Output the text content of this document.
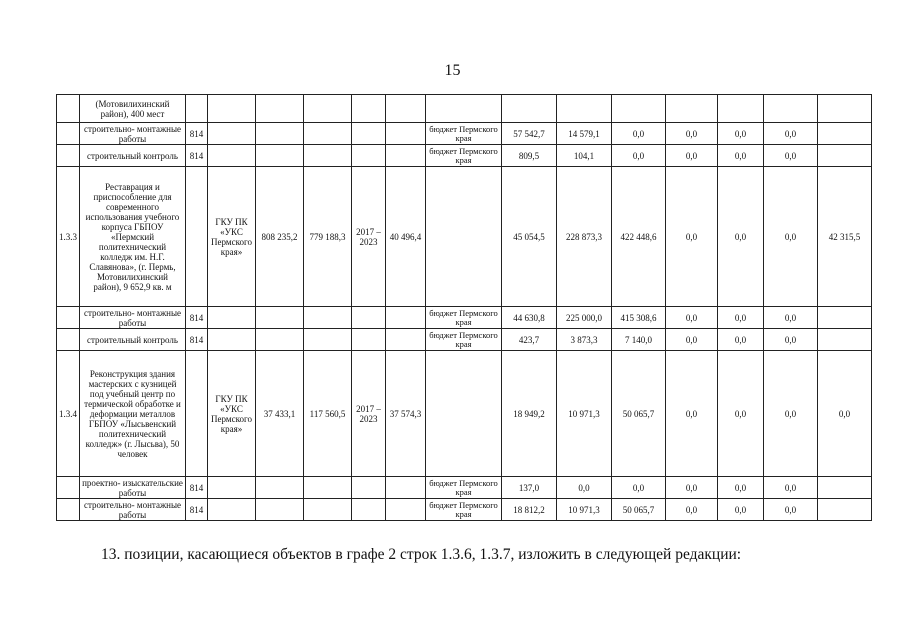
15
	(Мотовилихинский район), 400 мест														
	строительно- монтажные работы	814						бюджет Пермского края	57 542,7	14 579,1	0,0	0,0	0,0	0,0	
	строительный контроль	814						бюджет Пермского края	809,5	104,1	0,0	0,0	0,0	0,0	
1.3.3	Реставрация и приспособление для современного использования учебного корпуса ГБПОУ «Пермский политехнический колледж им. Н.Г. Славянова», (г. Пермь, Мотовилихинский район), 9 652,9 кв. м		ГКУ ПК «УКС Пермского края»	808 235,2	779 188,3	2017 – 2023	40 496,4		45 054,5	228 873,3	422 448,6	0,0	0,0	0,0	42 315,5
	строительно- монтажные работы	814						бюджет Пермского края	44 630,8	225 000,0	415 308,6	0,0	0,0	0,0	
	строительный контроль	814						бюджет Пермского края	423,7	3 873,3	7 140,0	0,0	0,0	0,0	
1.3.4	Реконструкция здания мастерских с кузницей под учебный центр по термической обработке и деформации металлов ГБПОУ «Лысьвенский политехнический колледж» (г. Лысьва), 50 человек		ГКУ ПК «УКС Пермского края»	37 433,1	117 560,5	2017 – 2023	37 574,3		18 949,2	10 971,3	50 065,7	0,0	0,0	0,0	0,0
	проектно- изыскательские работы	814						бюджет Пермского края	137,0	0,0	0,0	0,0	0,0	0,0	
	строительно- монтажные работы	814						бюджет Пермского края	18 812,2	10 971,3	50 065,7	0,0	0,0	0,0	
13. позиции, касающиеся объектов в графе 2 строк 1.3.6, 1.3.7, изложить в следующей редакции:
